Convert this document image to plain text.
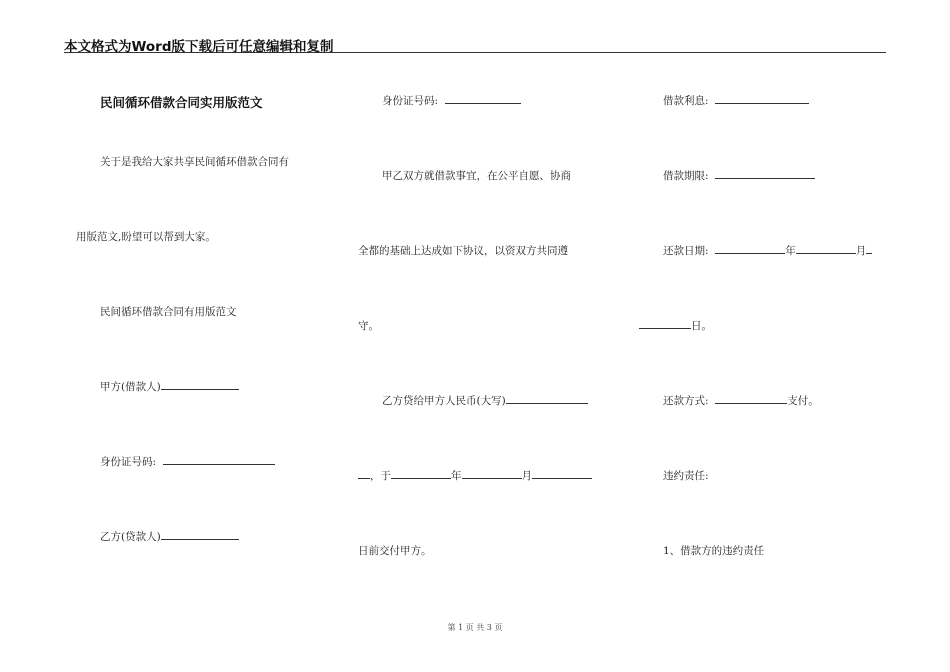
本文格式为Word版下载后可任意编辑和复制
民间循环借款合同实用版范文
关于是我给大家共享民间循环借款合同有
用版范文,盼望可以帮到大家。
民间循环借款合同有用版范文
甲方(借款人)
身份证号码:
乙方(贷款人)
身份证号码:
甲乙双方就借款事宜，在公平自愿、协商
全都的基础上达成如下协议，以资双方共同遵
守。
乙方贷给甲方人民币(大写)
，于	年	月
日前交付甲方。
借款利息:
借款期限:
还款日期:	年	月
日。
还款方式:	支付。
违约责任:
1、借款方的违约责任
第 1 页 共 3 页
